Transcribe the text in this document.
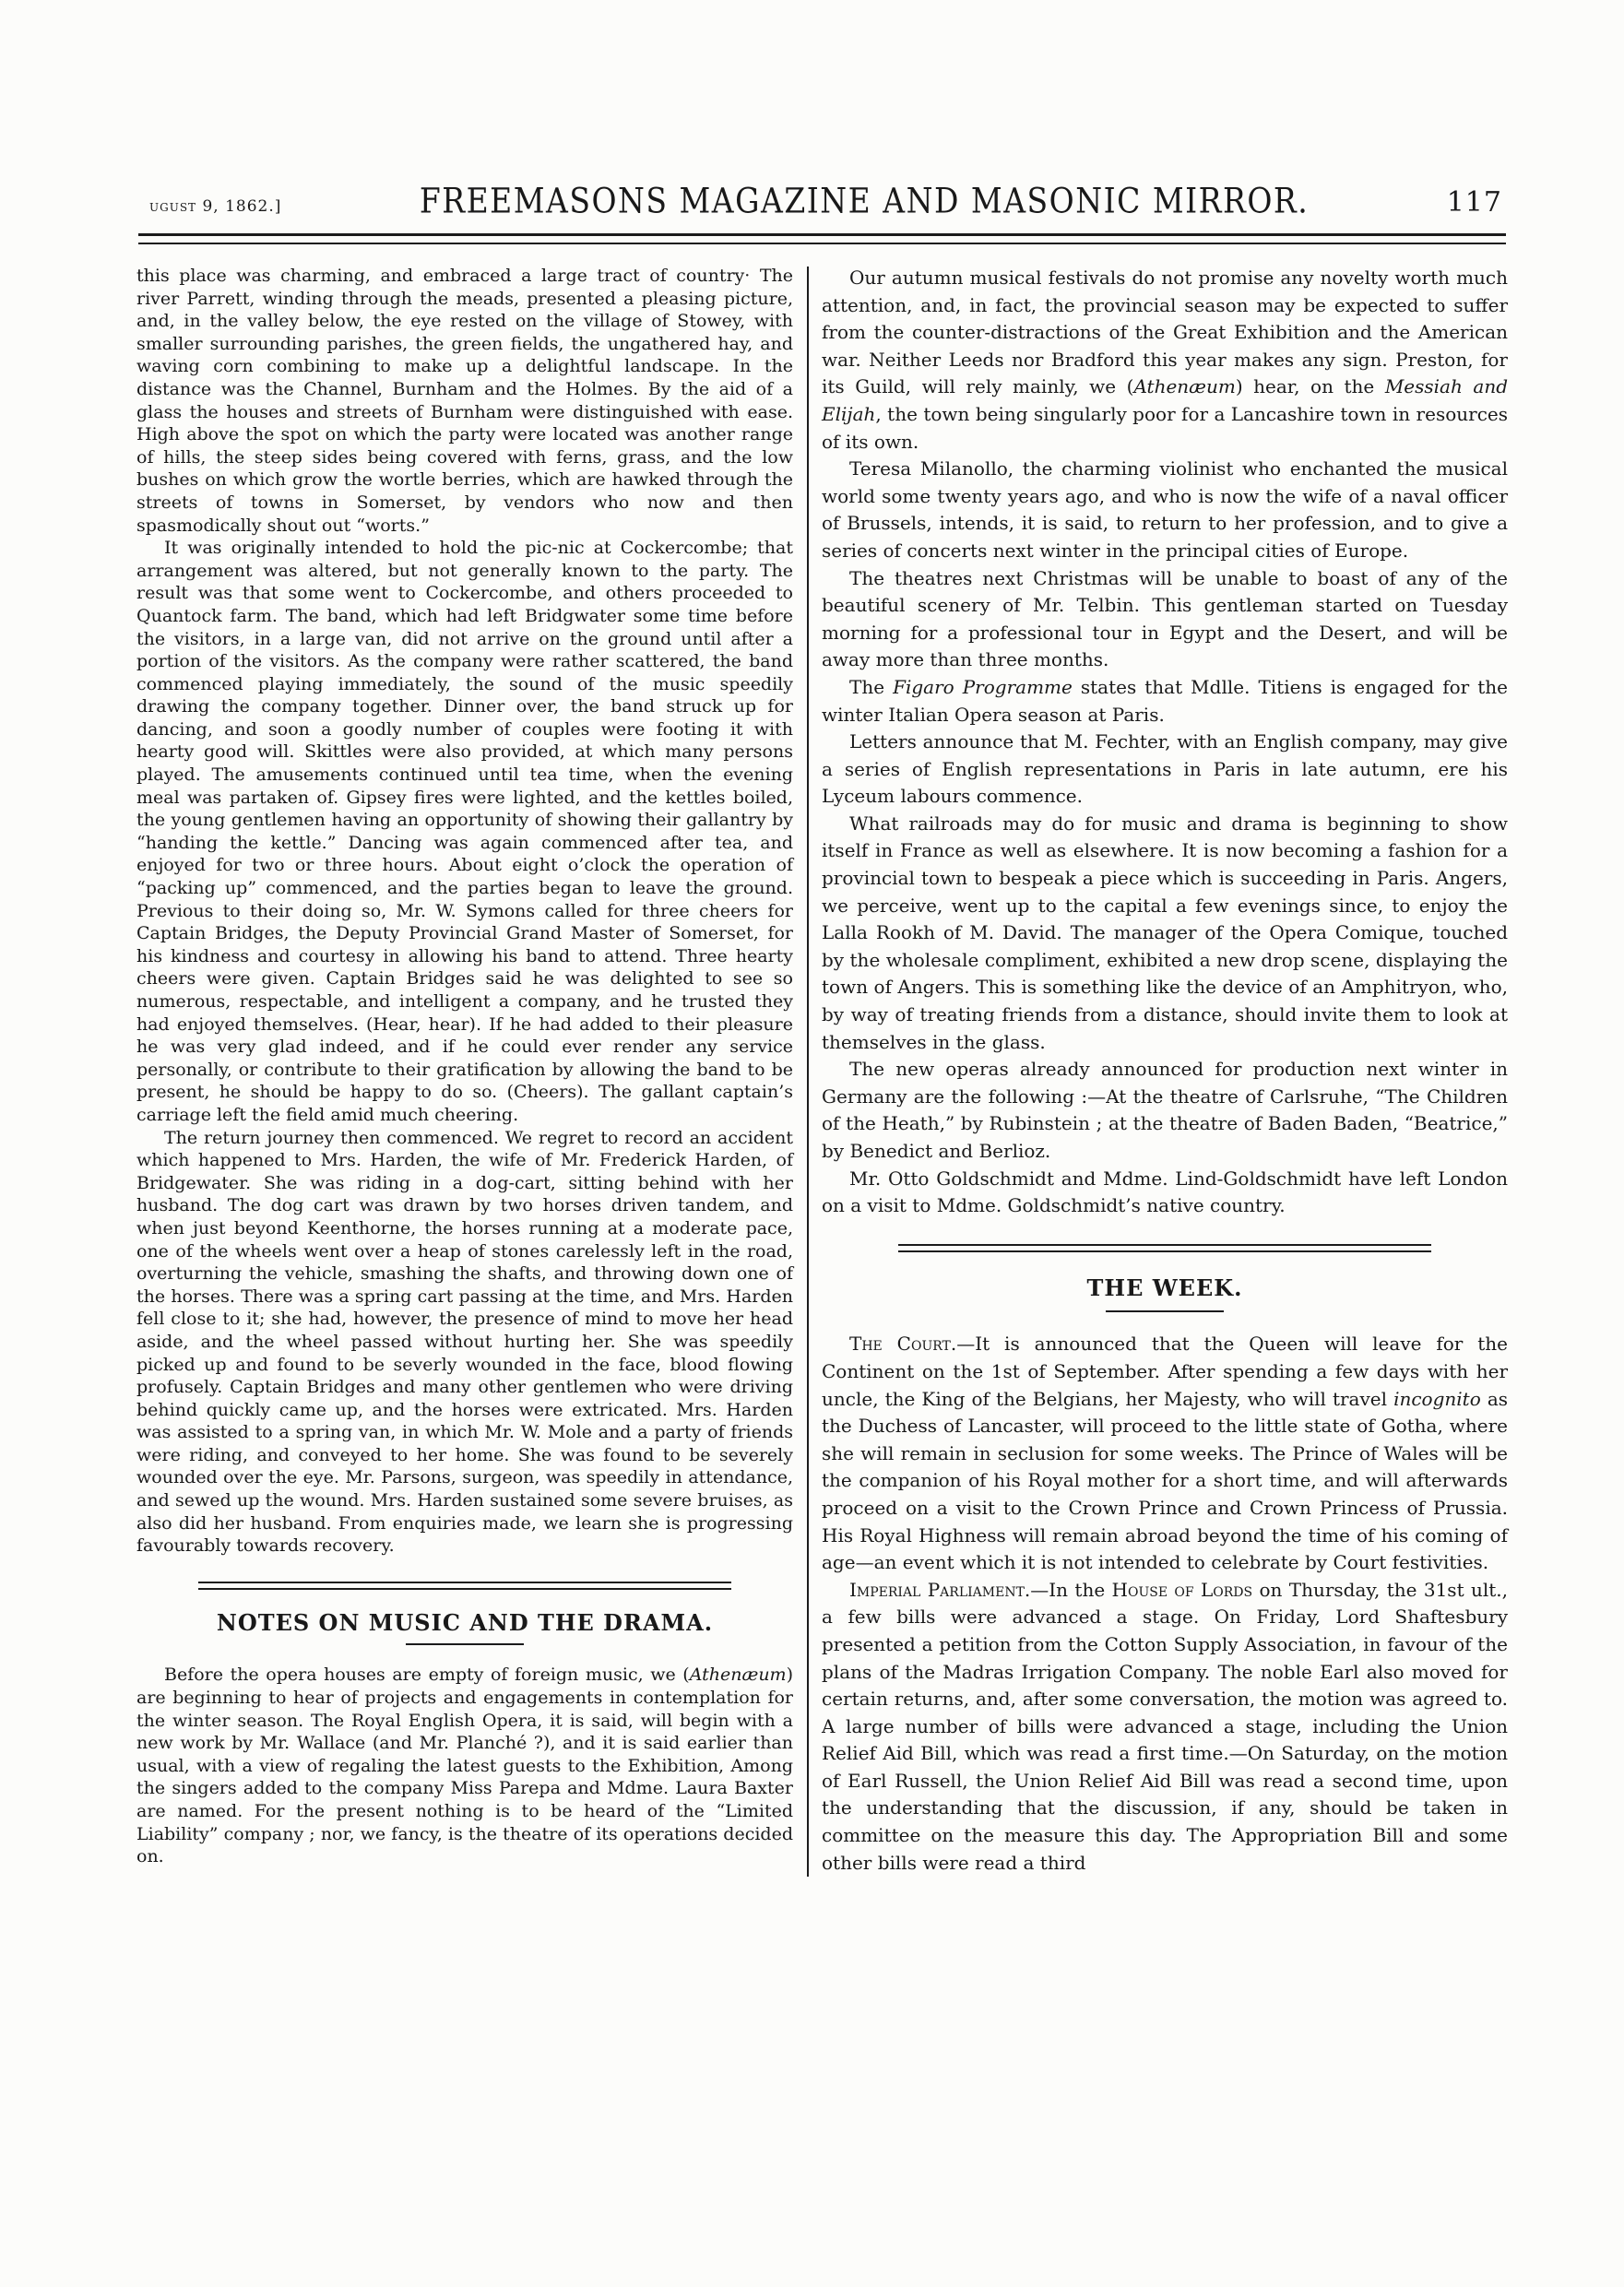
ugust 9, 1862.]	FREEMASONS MAGAZINE AND MASONIC MIRROR.	117

this place was charming, and embraced a large tract of country· The river Parrett, winding through the meads, presented a pleasing picture, and, in the valley below, the eye rested on the village of Stowey, with smaller surrounding parishes, the green fields, the ungathered hay, and waving corn combining to make up a delightful landscape. In the distance was the Channel, Burnham and the Holmes. By the aid of a glass the houses and streets of Burnham were distinguished with ease. High above the spot on which the party were located was another range of hills, the steep sides being covered with ferns, grass, and the low bushes on which grow the wortle berries, which are hawked through the streets of towns in Somerset, by vendors who now and then spasmodically shout out “worts.”

It was originally intended to hold the pic-nic at Cockercombe; that arrangement was altered, but not generally known to the party. The result was that some went to Cockercombe, and others proceeded to Quantock farm. The band, which had left Bridgwater some time before the visitors, in a large van, did not arrive on the ground until after a portion of the visitors. As the company were rather scattered, the band commenced playing immediately, the sound of the music speedily drawing the company together. Dinner over, the band struck up for dancing, and soon a goodly number of couples were footing it with hearty good will. Skittles were also provided, at which many persons played. The amusements continued until tea time, when the evening meal was partaken of. Gipsey fires were lighted, and the kettles boiled, the young gentlemen having an opportunity of showing their gallantry by “handing the kettle.” Dancing was again commenced after tea, and enjoyed for two or three hours. About eight o’clock the operation of “packing up” commenced, and the parties began to leave the ground. Previous to their doing so, Mr. W. Symons called for three cheers for Captain Bridges, the Deputy Provincial Grand Master of Somerset, for his kindness and courtesy in allowing his band to attend. Three hearty cheers were given. Captain Bridges said he was delighted to see so numerous, respectable, and intelligent a company, and he trusted they had enjoyed themselves. (Hear, hear). If he had added to their pleasure he was very glad indeed, and if he could ever render any service personally, or contribute to their gratification by allowing the band to be present, he should be happy to do so. (Cheers). The gallant captain’s carriage left the field amid much cheering.

The return journey then commenced. We regret to record an accident which happened to Mrs. Harden, the wife of Mr. Frederick Harden, of Bridgewater. She was riding in a dog-cart, sitting behind with her husband. The dog cart was drawn by two horses driven tandem, and when just beyond Keenthorne, the horses running at a moderate pace, one of the wheels went over a heap of stones carelessly left in the road, overturning the vehicle, smashing the shafts, and throwing down one of the horses. There was a spring cart passing at the time, and Mrs. Harden fell close to it; she had, however, the presence of mind to move her head aside, and the wheel passed without hurting her. She was speedily picked up and found to be severly wounded in the face, blood flowing profusely. Captain Bridges and many other gentlemen who were driving behind quickly came up, and the horses were extricated. Mrs. Harden was assisted to a spring van, in which Mr. W. Mole and a party of friends were riding, and conveyed to her home. She was found to be severely wounded over the eye. Mr. Parsons, surgeon, was speedily in attendance, and sewed up the wound. Mrs. Harden sustained some severe bruises, as also did her husband. From enquiries made, we learn she is progressing favourably towards recovery.

NOTES ON MUSIC AND THE DRAMA.

Before the opera houses are empty of foreign music, we (Athenæum) are beginning to hear of projects and engagements in contemplation for the winter season. The Royal English Opera, it is said, will begin with a new work by Mr. Wallace (and Mr. Planché ?), and it is said earlier than usual, with a view of regaling the latest guests to the Exhibition, Among the singers added to the company Miss Parepa and Mdme. Laura Baxter are named. For the present nothing is to be heard of the “Limited Liability” company ; nor, we fancy, is the theatre of its operations decided on.

Our autumn musical festivals do not promise any novelty worth much attention, and, in fact, the provincial season may be expected to suffer from the counter-distractions of the Great Exhibition and the American war. Neither Leeds nor Bradford this year makes any sign. Preston, for its Guild, will rely mainly, we (Athenæum) hear, on the Messiah and Elijah, the town being singularly poor for a Lancashire town in resources of its own.

Teresa Milanollo, the charming violinist who enchanted the musical world some twenty years ago, and who is now the wife of a naval officer of Brussels, intends, it is said, to return to her profession, and to give a series of concerts next winter in the principal cities of Europe.

The theatres next Christmas will be unable to boast of any of the beautiful scenery of Mr. Telbin. This gentleman started on Tuesday morning for a professional tour in Egypt and the Desert, and will be away more than three months.

The Figaro Programme states that Mdlle. Titiens is engaged for the winter Italian Opera season at Paris.

Letters announce that M. Fechter, with an English company, may give a series of English representations in Paris in late autumn, ere his Lyceum labours commence.

What railroads may do for music and drama is beginning to show itself in France as well as elsewhere. It is now becoming a fashion for a provincial town to bespeak a piece which is succeeding in Paris. Angers, we perceive, went up to the capital a few evenings since, to enjoy the Lalla Rookh of M. David. The manager of the Opera Comique, touched by the wholesale compliment, exhibited a new drop scene, displaying the town of Angers. This is something like the device of an Amphitryon, who, by way of treating friends from a distance, should invite them to look at themselves in the glass.

The new operas already announced for production next winter in Germany are the following :—At the theatre of Carlsruhe, “The Children of the Heath,” by Rubinstein ; at the theatre of Baden Baden, “Beatrice,” by Benedict and Berlioz.

Mr. Otto Goldschmidt and Mdme. Lind-Goldschmidt have left London on a visit to Mdme. Goldschmidt’s native country.

THE WEEK.

The Court.—It is announced that the Queen will leave for the Continent on the 1st of September. After spending a few days with her uncle, the King of the Belgians, her Majesty, who will travel incognito as the Duchess of Lancaster, will proceed to the little state of Gotha, where she will remain in seclusion for some weeks. The Prince of Wales will be the companion of his Royal mother for a short time, and will afterwards proceed on a visit to the Crown Prince and Crown Princess of Prussia. His Royal Highness will remain abroad beyond the time of his coming of age—an event which it is not intended to celebrate by Court festivities.

Imperial Parliament.—In the House of Lords on Thursday, the 31st ult., a few bills were advanced a stage. On Friday, Lord Shaftesbury presented a petition from the Cotton Supply Association, in favour of the plans of the Madras Irrigation Company. The noble Earl also moved for certain returns, and, after some conversation, the motion was agreed to. A large number of bills were advanced a stage, including the Union Relief Aid Bill, which was read a first time.—On Saturday, on the motion of Earl Russell, the Union Relief Aid Bill was read a second time, upon the understanding that the discussion, if any, should be taken in committee on the measure this day. The Appropriation Bill and some other bills were read a third
